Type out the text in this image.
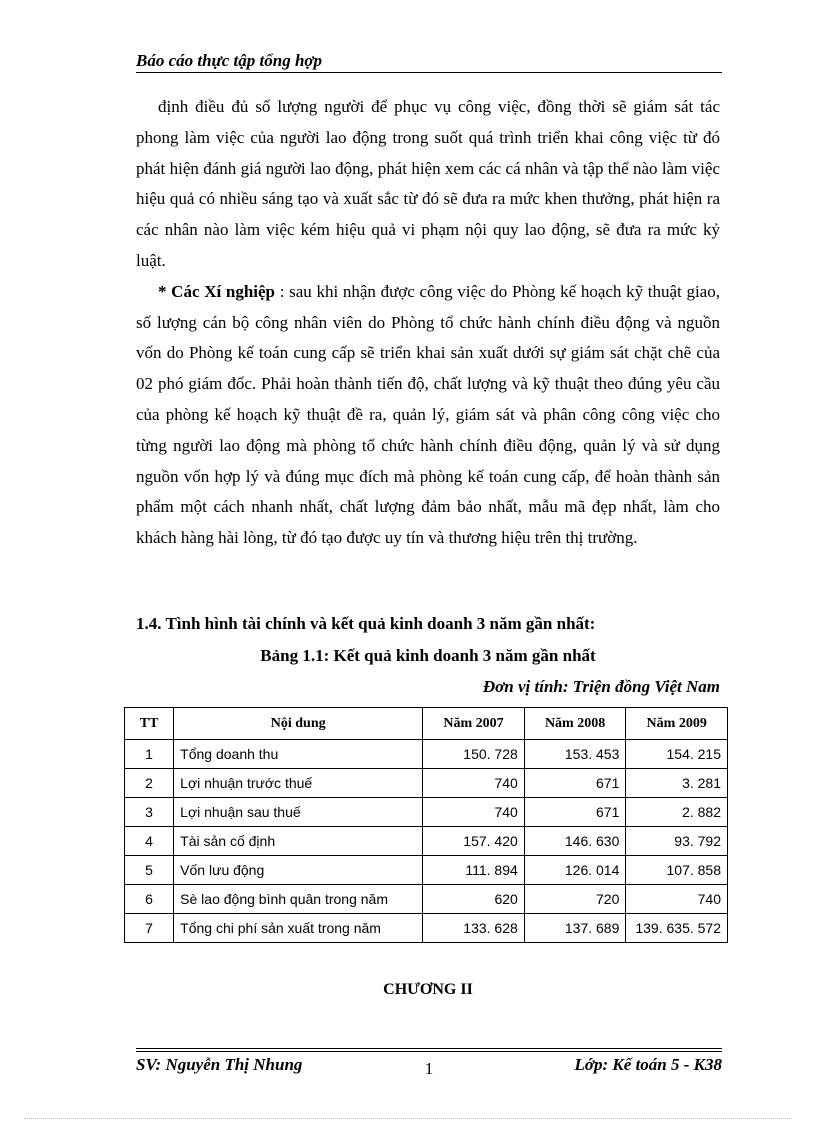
Báo cáo thực tập tổng hợp

định điều đủ số lượng người để phục vụ công việc, đồng thời sẽ giám sát tác phong làm việc của người lao động trong suốt quá trình triển khai công việc từ đó phát hiện đánh giá người lao động, phát hiện xem các cá nhân và tập thể nào làm việc hiệu quả có nhiều sáng tạo và xuất sắc từ đó sẽ đưa ra mức khen thưởng, phát hiện ra các nhân nào làm việc kém hiệu quả vi phạm nội quy lao động, sẽ đưa ra mức kỷ luật.

* Các Xí nghiệp : sau khi nhận được công việc do Phòng kế hoạch kỹ thuật giao, số lượng cán bộ công nhân viên do Phòng tổ chức hành chính điều động và nguồn vốn do Phòng kế toán cung cấp sẽ triển khai sản xuất dưới sự giám sát chặt chẽ của 02 phó giám đốc. Phải hoàn thành tiến độ, chất lượng và kỹ thuật theo đúng yêu cầu của phòng kế hoạch kỹ thuật đề ra, quản lý, giám sát và phân công công việc cho từng người lao động mà phòng tổ chức hành chính điều động, quản lý và sử dụng nguồn vốn hợp lý và đúng mục đích mà phòng kế toán cung cấp, để hoàn thành sản phẩm một cách nhanh nhất, chất lượng đảm bảo nhất, mẫu mã đẹp nhất, làm cho khách hàng hài lòng, từ đó tạo được uy tín và thương hiệu trên thị trường.

1.4. Tình hình tài chính và kết quả kinh doanh 3 năm gần nhất:
Bảng 1.1: Kết quả kinh doanh 3 năm gần nhất
Đơn vị tính: Triện đồng Việt Nam
TT	Nội dung	Năm 2007	Năm 2008	Năm 2009
1	Tổng doanh thu	150. 728	153. 453	154. 215
2	Lợi nhuận trước thuế	740	671	3. 281
3	Lợi nhuận sau thuế	740	671	2. 882
4	Tài sản cố định	157. 420	146. 630	93. 792
5	Vốn lưu động	111. 894	126. 014	107. 858
6	Sè lao động bình quân trong năm	620	720	740
7	Tổng chi phí sản xuất trong năm	133. 628	137. 689	139. 635. 572
CHƯƠNG II
SV: Nguyễn Thị Nhung	1	Lớp: Kế toán 5 - K38
